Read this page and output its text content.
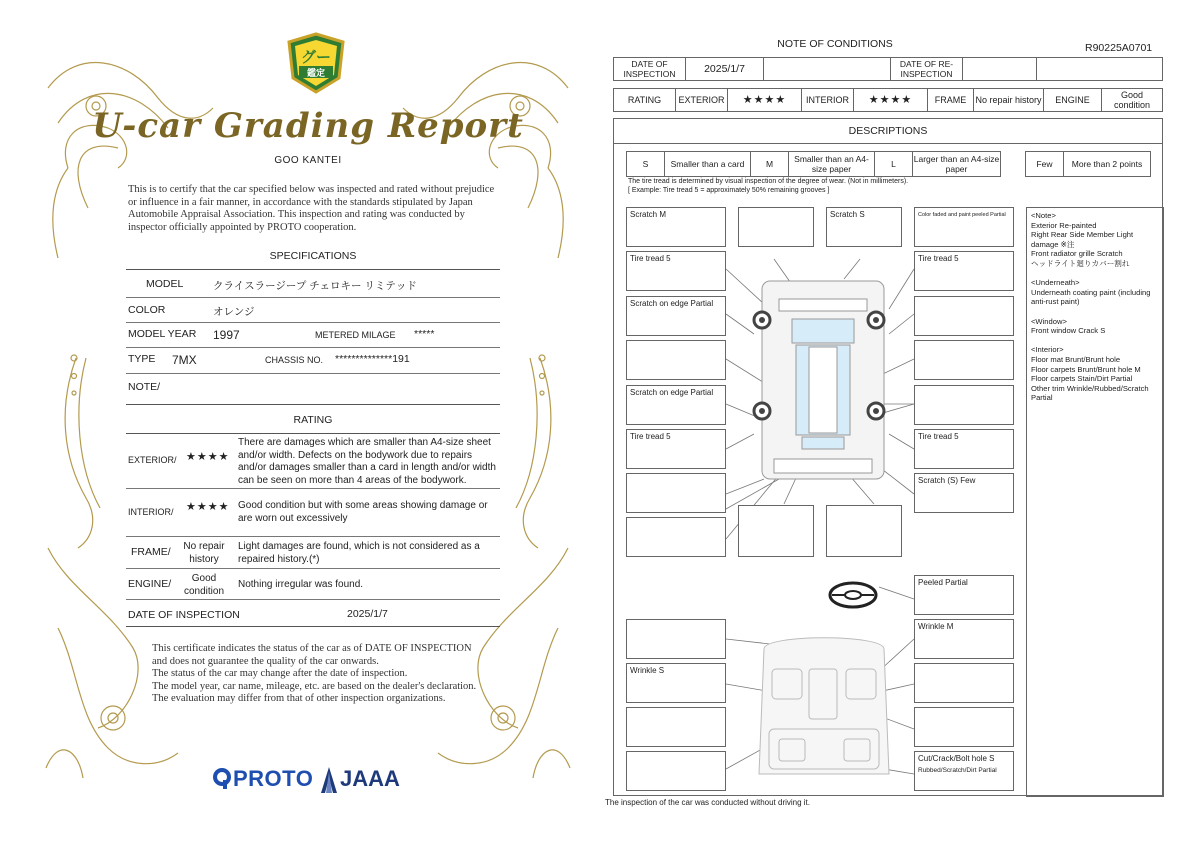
グー
鑑定
U-car Grading Report
GOO KANTEI
This is to certify that the car specified below was inspected and rated without prejudice or influence in a fair manner, in accordance with the standards stipulated by Japan Automobile Appraisal Association. This inspection and rating was conducted by inspector officially appointed by PROTO cooperation.
SPECIFICATIONS
MODEL	クライスラージープ チェロキー リミテッド
COLOR	オレンジ
MODEL YEAR 1997	METERED MILAGE *****
TYPE 7MX	CHASSIS NO. **************191
NOTE/
RATING
EXTERIOR/ ★★★★
There are damages which are smaller than A4-size sheet and/or width. Defects on the bodywork due to repairs and/or damages smaller than a card in length and/or width can be seen on more than 4 areas of the bodywork.
INTERIOR/ ★★★★ Good condition but with some areas showing damage or are worn out excessively
FRAME/	No repair history
Light damages are found, which is not considered as a repaired history.(*)
ENGINE/	Good condition
Nothing irregular was found.
DATE OF INSPECTION	2025/1/7
This certificate indicates the status of the car as of DATE OF INSPECTION and does not guarantee the quality of the car onwards.
The status of the car may change after the date of inspection.
The model year, car name, mileage, etc. are based on the dealer's declaration.
The evaluation may differ from that of other inspection organizations.
PROTO JAAA
NOTE OF CONDITIONS	R90225A0701
DATE OF INSPECTION	2025/1/7	DATE OF RE-INSPECTION
RATING	EXTERIOR	★★★★	INTERIOR	★★★★	FRAME	No repair history	ENGINE	Good condition
DESCRIPTIONS
S	Smaller than a card	M	Smaller than an A4-size paper	L	Larger than an A4-size paper	Few	More than 2 points
The tire tread is determined by visual inspection of the degree of wear. (Not in millimeters).
[ Example: Tire tread 5 = approximately 50% remaining grooves ]
Scratch M
Tire tread 5
Scratch on edge Partial
Scratch on edge Partial
Tire tread 5
Wrinkle S
Scratch S	Color faded and paint peeled Partial
Tire tread 5
Tire tread 5
Scratch (S) Few
Peeled Partial
Wrinkle M
Cut/Crack/Bolt hole S
Rubbed/Scratch/Dirt Partial
<Note>
Exterior Re-painted
Right Rear Side Member Light damage ※注
Front radiator grille Scratch
ヘッドライト廻りカバー割れ

<Underneath>
Underneath coating paint (including anti-rust paint)

<Window>
Front window Crack S

<Interior>
Floor mat Brunt/Brunt hole
Floor carpets Brunt/Brunt hole M
Floor carpets Stain/Dirt Partial
Other trim Wrinkle/Rubbed/Scratch Partial
The inspection of the car was conducted without driving it.
